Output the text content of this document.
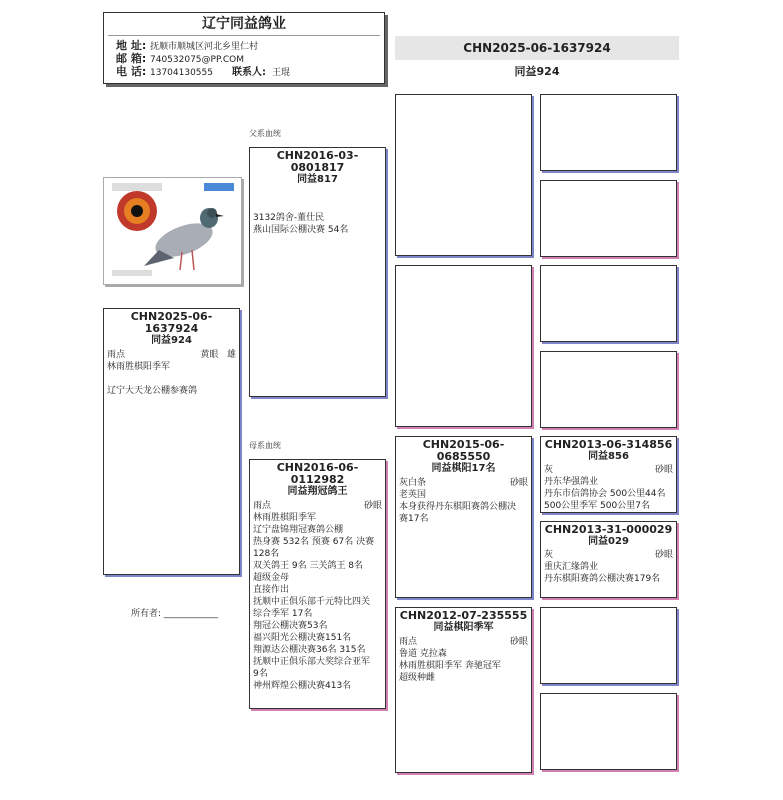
辽宁同益鸽业
地 址: 抚顺市顺城区河北乡里仁村
邮 箱: 740532075@PP.COM
电 话: 13704130555	联系人: 王琨
CHN2025-06-1637924
同益924
CHN2025-06-1637924
同益924
雨点	黄眼 雄
林雨胜棋阳季军
辽宁大天龙公棚参赛鸽
所有者: ____________
父系血统
母系血统
CHN2016-03-0801817
同益817
3132鸽舍-董仕民
燕山国际公棚决赛 54名
CHN2016-06-0112982
同益翔冠鸽王
雨点	砂眼
林雨胜棋阳季军
辽宁盘锦翔冠赛鸽公棚
热身赛 532名 预赛 67名 决赛
128名
双关鸽王 9名 三关鸽王 8名
超级金母
直接作出
抚顺中正俱乐部千元特比四关
综合季军 17名
翔冠公棚决赛53名
福兴阳光公棚决赛151名
翔源达公棚决赛36名 315名
抚顺中正俱乐部大奖综合亚军
9名
神州辉煌公棚决赛413名
CHN2015-06-0685550
同益棋阳17名
灰白条	砂眼
老英国
本身获得丹东棋阳赛鸽公棚决
赛17名
CHN2012-07-235555
同益棋阳季军
雨点	砂眼
鲁道 克拉森
林雨胜棋阳季军 奔驰冠军
超级种雌
CHN2013-06-314856
同益856
灰	砂眼
丹东华强鸽业
丹东市信鸽协会 500公里44名
500公里季军 500公里7名
CHN2013-31-000029
同益029
灰	砂眼
重庆汇缘鸽业
丹东棋阳赛鸽公棚决赛179名
